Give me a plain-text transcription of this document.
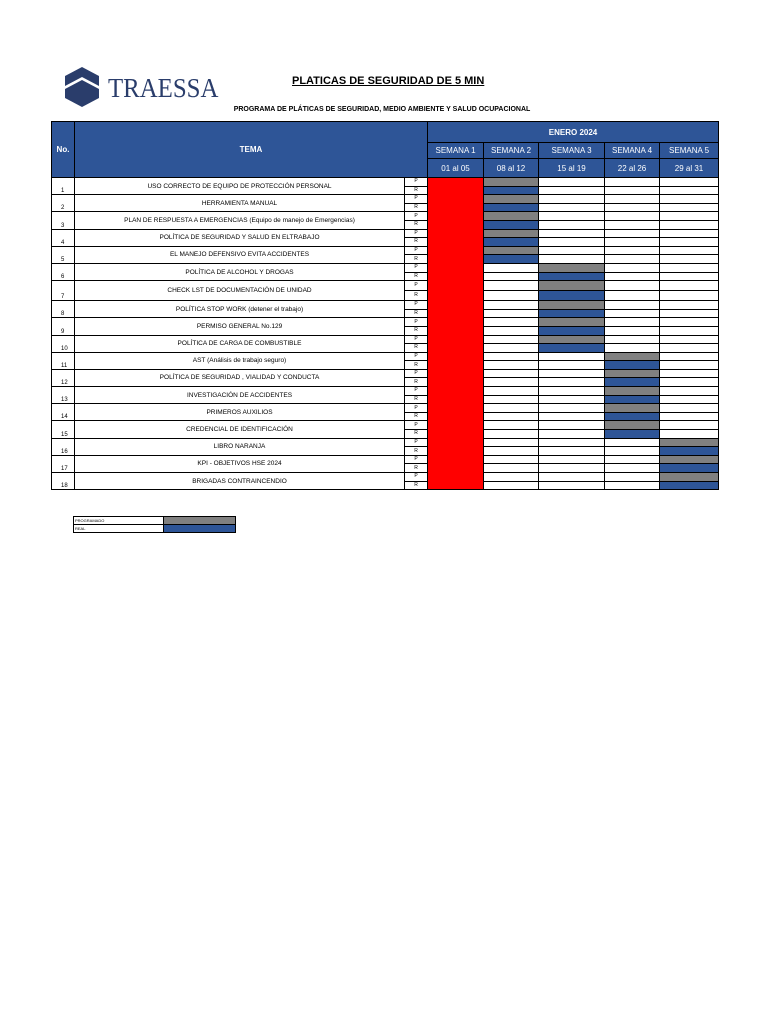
TRAESSA	PLATICAS DE SEGURIDAD DE 5 MIN
PROGRAMA DE PLÁTICAS DE SEGURIDAD, MEDIO AMBIENTE Y SALUD OCUPACIONAL
No.	TEMA		ENERO 2024				
			SEMANA 1	SEMANA 2	SEMANA 3	SEMANA 4	SEMANA 5
			01 al 05	08 al 12	15 al 19	22 al 26	29 al 31
1	USO CORRECTO DE EQUIPO DE PROTECCIÓN PERSONAL	P					
		R					
2	HERRAMIENTA MANUAL	P					
		R					
3	PLAN DE RESPUESTA A EMERGENCIAS (Equipo de manejo de Emergencias)	P					
		R					
4	POLÍTICA DE SEGURIDAD Y SALUD EN ELTRABAJO	P					
		R					
5	EL MANEJO DEFENSIVO EVITA ACCIDENTES	P					
		R					
6	POLÍTICA DE ALCOHOL Y DROGAS	P					
		R					
7	CHECK LST DE DOCUMENTACIÓN DE UNIDAD	P					
		R					
8	POLÍTICA STOP WORK (detener el trabajo)	P					
		R					
9	PERMISO GENERAL No.129	P					
		R					
10	POLÍTICA DE CARGA DE COMBUSTIBLE	P					
		R					
11	AST (Análisis de trabajo seguro)	P					
		R					
12	POLÍTICA DE SEGURIDAD , VIALIDAD Y CONDUCTA	P					
		R					
13	INVESTIGACIÓN DE ACCIDENTES	P					
		R					
14	PRIMEROS AUXILIOS	P					
		R					
15	CREDENCIAL DE IDENTIFICACIÓN	P					
		R					
16	LIBRO NARANJA	P					
		R					
17	KPI - OBJETIVOS HSE 2024	P					
		R					
18	BRIGADAS CONTRAINCENDIO	P					
		R					
PROGRAMADO	
REAL	
